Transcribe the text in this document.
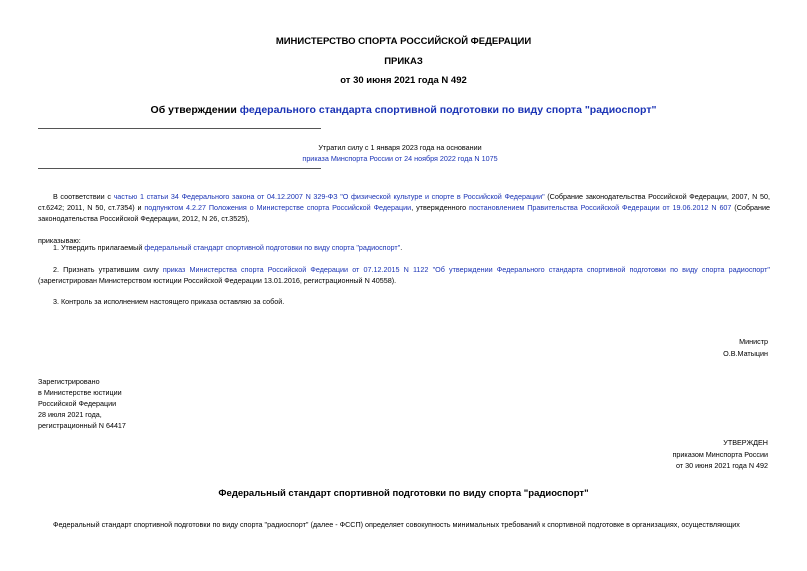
МИНИСТЕРСТВО СПОРТА РОССИЙСКОЙ ФЕДЕРАЦИИ
ПРИКАЗ
от 30 июня 2021 года N 492
Об утверждении федерального стандарта спортивной подготовки по виду спорта "радиоспорт"
Утратил силу с 1 января 2023 года на основании
приказа Минспорта России от 24 ноября 2022 года N 1075
В соответствии с частью 1 статьи 34 Федерального закона от 04.12.2007 N 329-ФЗ "О физической культуре и спорте в Российской Федерации" (Собрание законодательства Российской Федерации, 2007, N 50, ст.6242; 2011, N 50, ст.7354) и подпунктом 4.2.27 Положения о Министерстве спорта Российской Федерации, утвержденного постановлением Правительства Российской Федерации от 19.06.2012 N 607 (Собрание законодательства Российской Федерации, 2012, N 26, ст.3525),
приказываю:
1. Утвердить прилагаемый федеральный стандарт спортивной подготовки по виду спорта "радиоспорт".
2. Признать утратившим силу приказ Министерства спорта Российской Федерации от 07.12.2015 N 1122 "Об утверждении Федерального стандарта спортивной подготовки по виду спорта радиоспорт" (зарегистрирован Министерством юстиции Российской Федерации 13.01.2016, регистрационный N 40558).
3. Контроль за исполнением настоящего приказа оставляю за собой.
Министр
О.В.Матыцин
Зарегистрировано
в Министерстве юстиции
Российской Федерации
28 июля 2021 года,
регистрационный N 64417
УТВЕРЖДЕН
приказом Минспорта России
от 30 июня 2021 года N 492
Федеральный стандарт спортивной подготовки по виду спорта "радиоспорт"
Федеральный стандарт спортивной подготовки по виду спорта "радиоспорт" (далее - ФССП) определяет совокупность минимальных требований к спортивной подготовке в организациях, осуществляющих
